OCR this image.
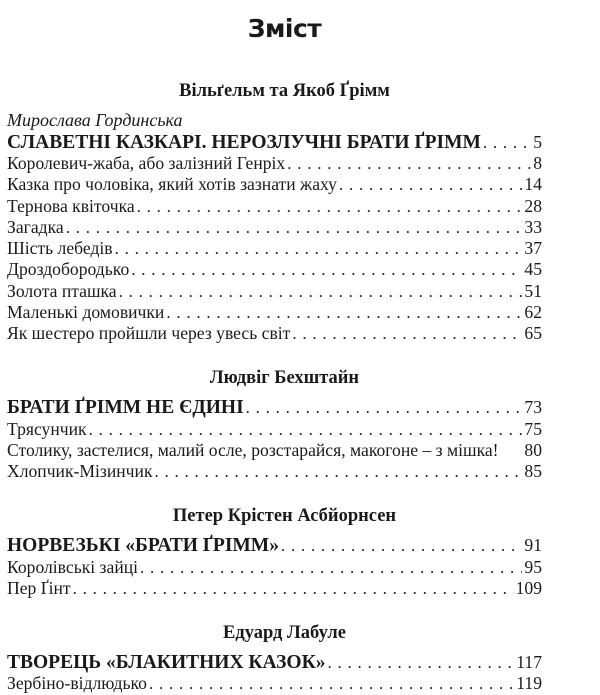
Зміст
Вільґельм та Якоб Ґрімм
Мирослава Гординська
СЛАВЕТНІ КАЗКАРІ. НЕРОЗЛУЧНІ БРАТИ ҐРІММ . . .	5
Королевич-жаба, або залізний Генріх . . .	8
Казка про чоловіка, який хотів зазнати жаху . . .	14
Тернова квіточка . . .	28
Загадка . . .	33
Шість лебедів . . .	37
Дроздобородько . . .	45
Золота пташка . . .	51
Маленькі домовички . . .	62
Як шестеро пройшли через увесь світ . . .	65
Людвіг Бехштайн
БРАТИ ҐРІММ НЕ ЄДИНІ . . .	73
Трясунчик . . .	75
Столику, застелися, малий осле, розстарайся, макогоне – з мішка! 80
Хлопчик-Мізинчик . . .	85
Петер Крістен Асбйорнсен
НОРВЕЗЬКІ «БРАТИ ҐРІММ» . . .	91
Королівські зайці . . .	95
Пер Ґінт . . .	109
Едуард Лабуле
ТВОРЕЦЬ «БЛАКИТНИХ КАЗОК» . . .	117
Зербіно-відлюдько . . .	119
